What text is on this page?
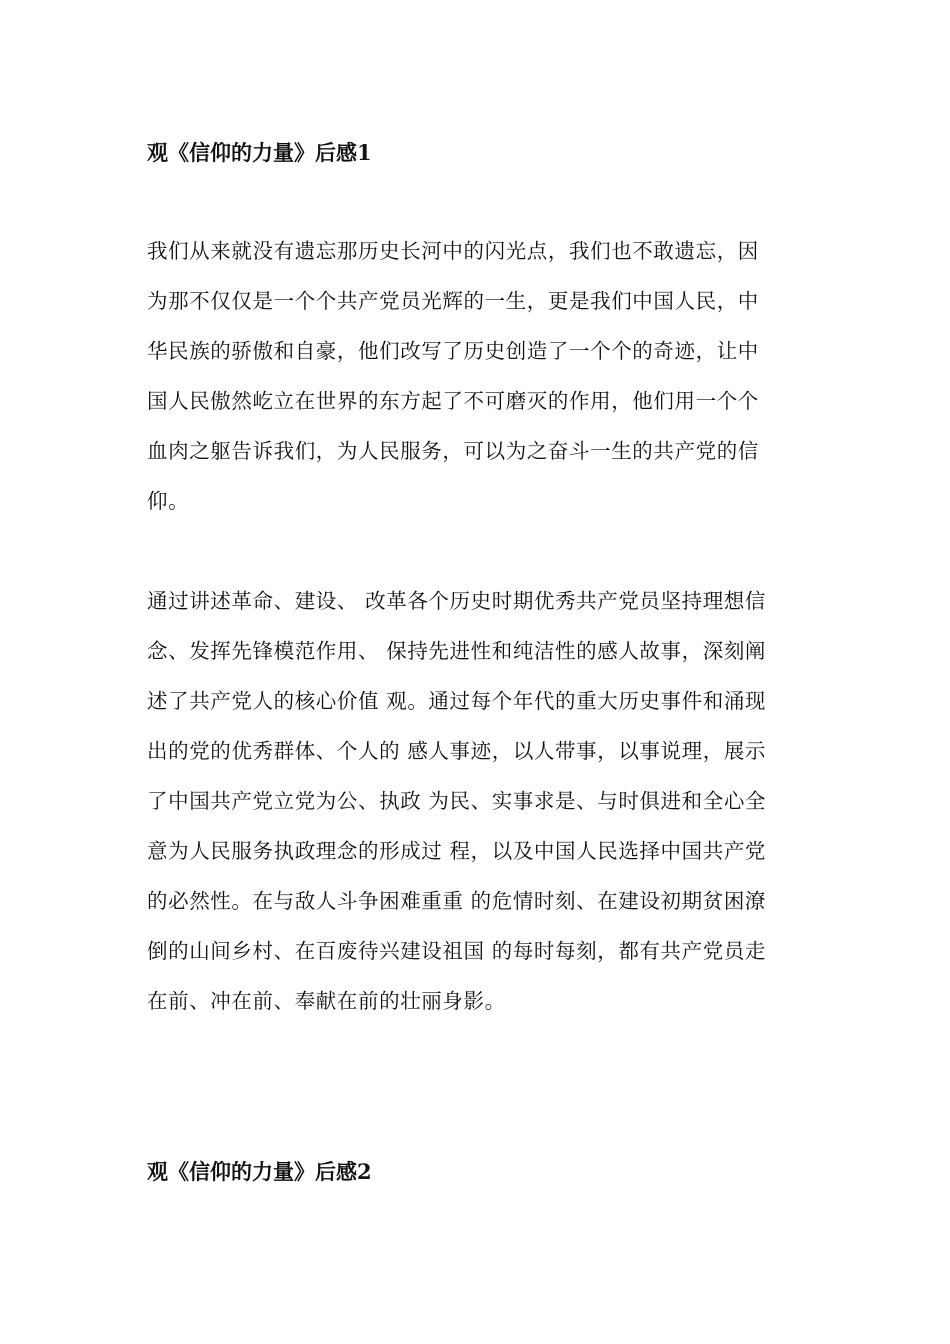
观《信仰的力量》后感1
我们从来就没有遗忘那历史长河中的闪光点，我们也不敢遗忘，因
为那不仅仅是一个个共产党员光辉的一生，更是我们中国人民，中
华民族的骄傲和自豪，他们改写了历史创造了一个个的奇迹，让中
国人民傲然屹立在世界的东方起了不可磨灭的作用，他们用一个个
血肉之躯告诉我们，为人民服务，可以为之奋斗一生的共产党的信
仰。
通过讲述革命、建设、 改革各个历史时期优秀共产党员坚持理想信
念、发挥先锋模范作用、 保持先进性和纯洁性的感人故事，深刻阐
述了共产党人的核心价值 观。通过每个年代的重大历史事件和涌现
出的党的优秀群体、个人的 感人事迹，以人带事，以事说理，展示
了中国共产党立党为公、执政 为民、实事求是、与时俱进和全心全
意为人民服务执政理念的形成过 程，以及中国人民选择中国共产党
的必然性。在与敌人斗争困难重重 的危情时刻、在建设初期贫困潦
倒的山间乡村、在百废待兴建设祖国 的每时每刻，都有共产党员走
在前、冲在前、奉献在前的壮丽身影。
观《信仰的力量》后感2
